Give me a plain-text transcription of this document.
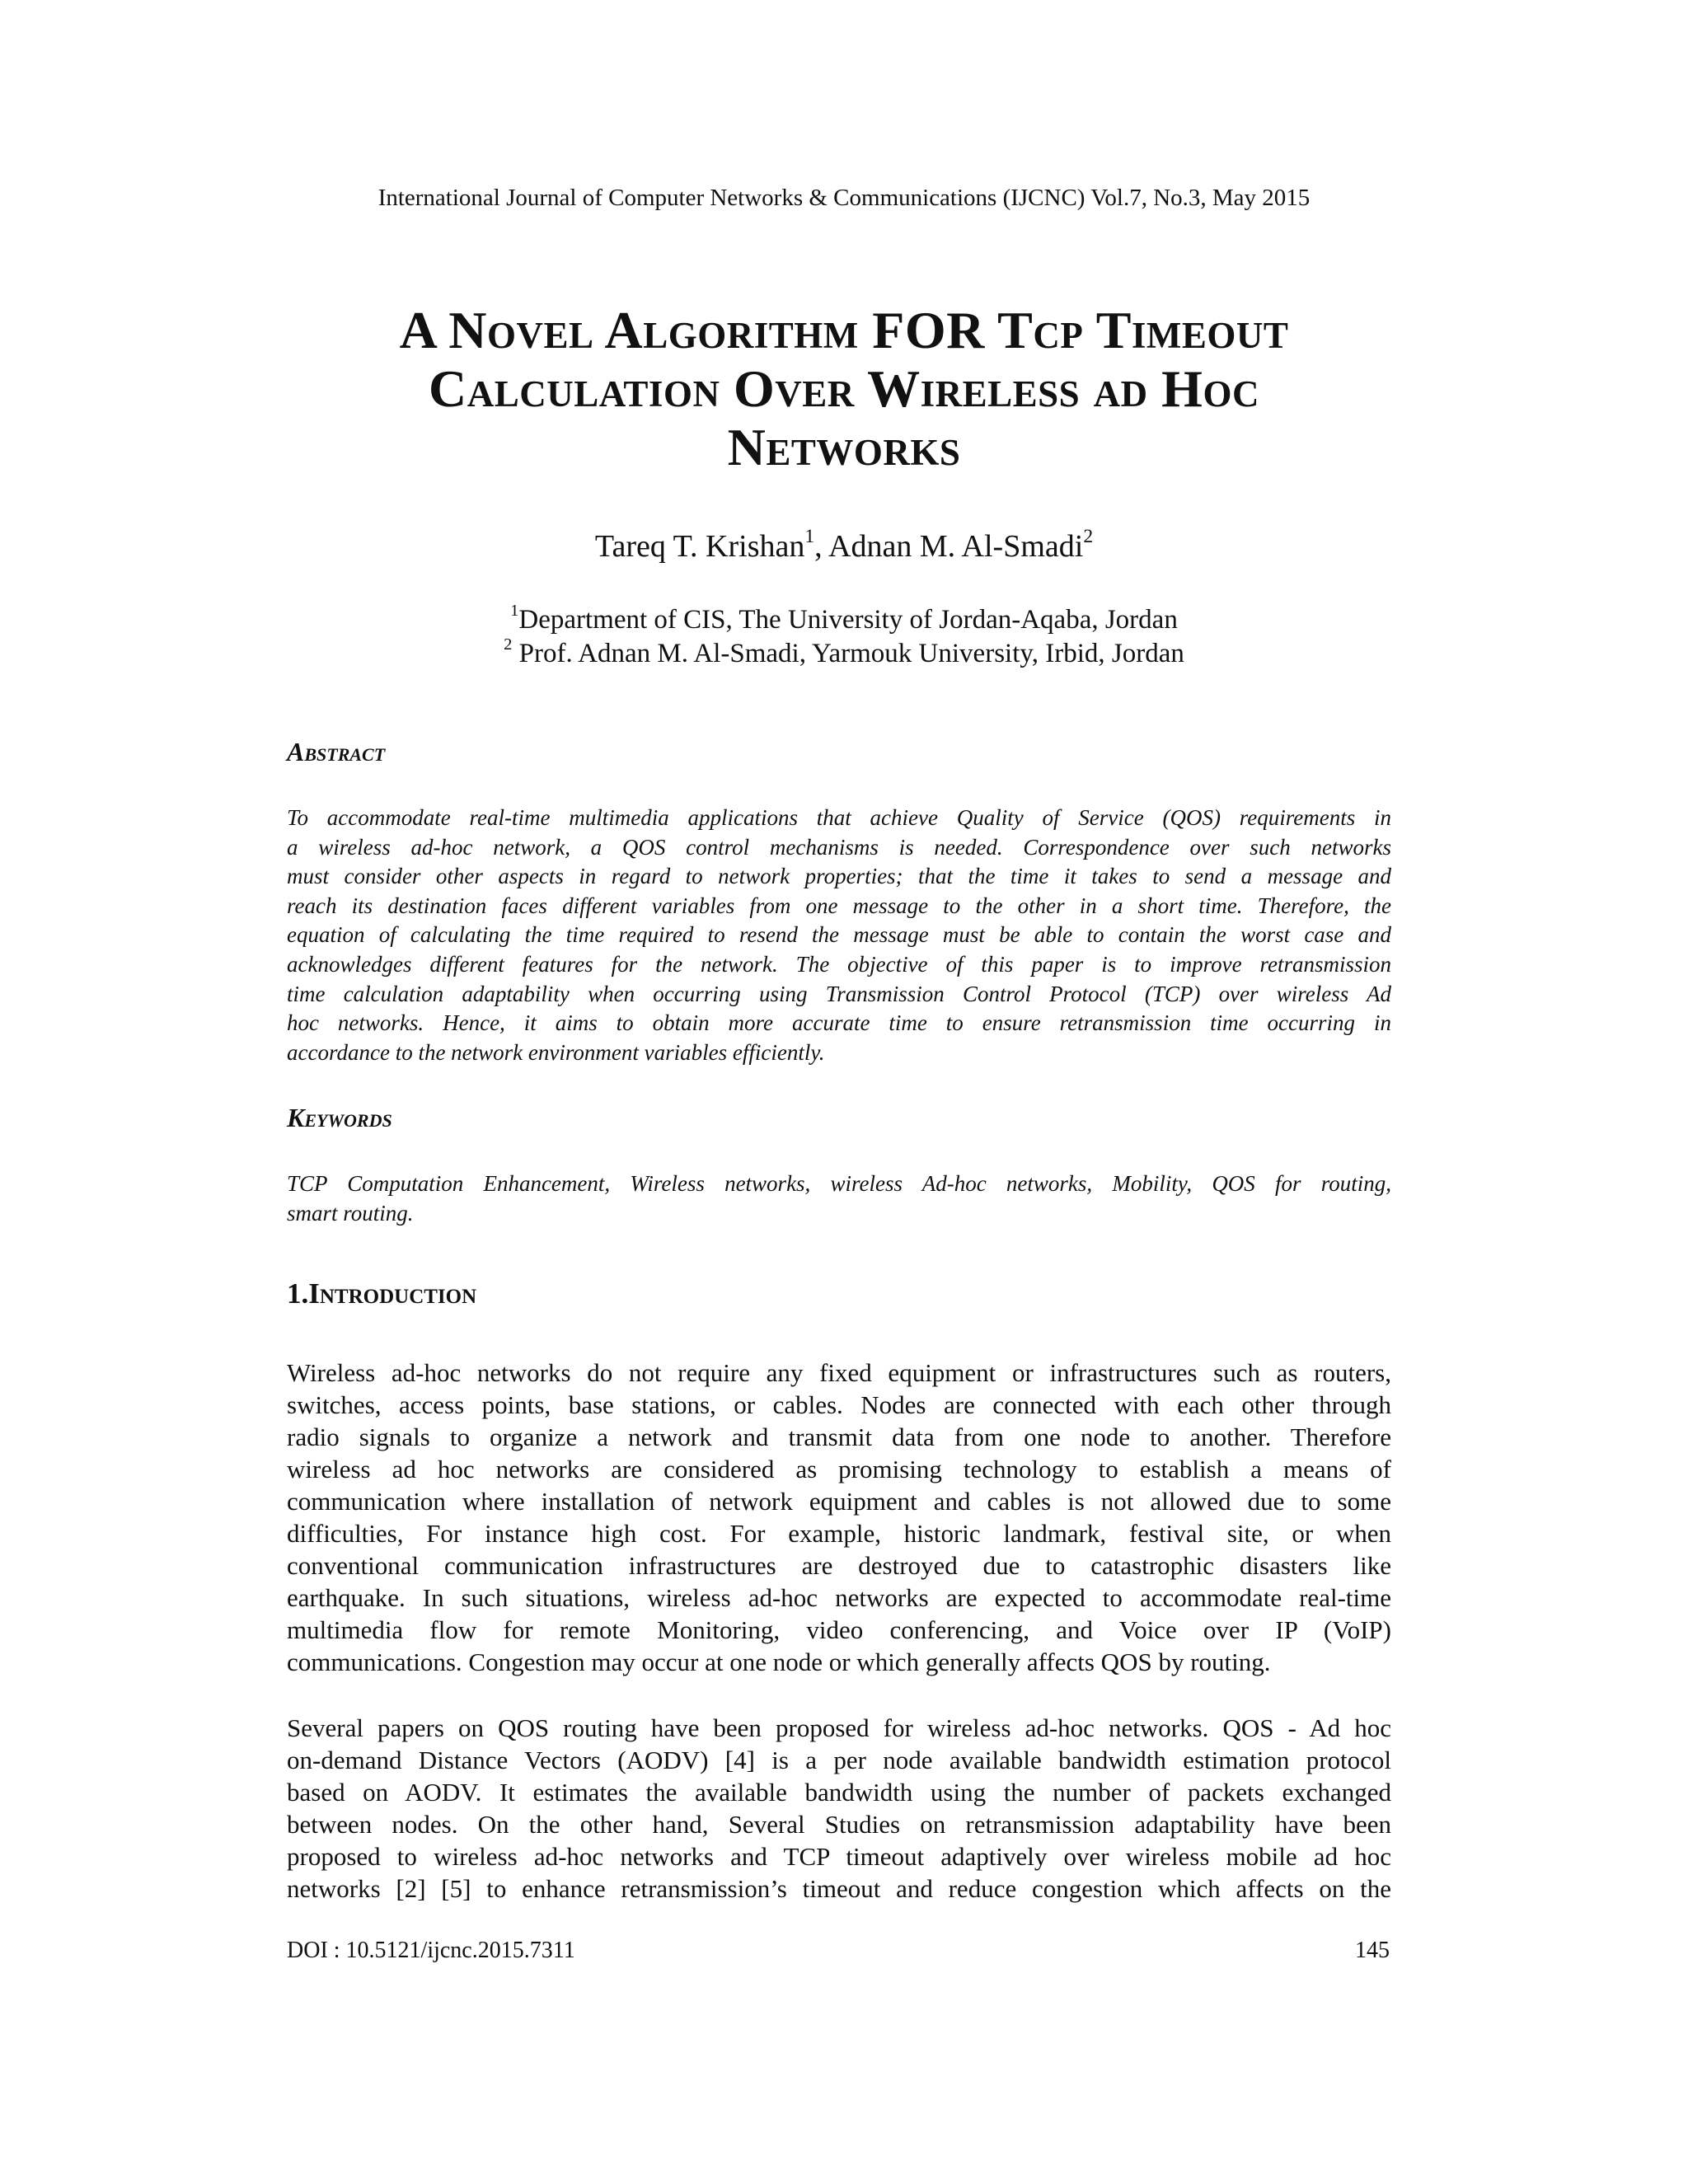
International Journal of Computer Networks & Communications (IJCNC) Vol.7, No.3, May 2015
A Novel Algorithm FOR Tcp Timeout
Calculation Over Wireless ad Hoc
Networks
Tareq T. Krishan$^1$, Adnan M. Al-Smadi$^2$
$^1$Department of CIS, The University of Jordan-Aqaba, Jordan
$^2$ Prof. Adnan M. Al-Smadi, Yarmouk University, Irbid, Jordan
Abstract
To accommodate real-time multimedia applications that achieve Quality of Service (QOS) requirements in
a wireless ad-hoc network, a QOS control mechanisms is needed. Correspondence over such networks
must consider other aspects in regard to network properties; that the time it takes to send a message and
reach its destination faces different variables from one message to the other in a short time. Therefore, the
equation of calculating the time required to resend the message must be able to contain the worst case and
acknowledges different features for the network. The objective of this paper is to improve retransmission
time calculation adaptability when occurring using Transmission Control Protocol (TCP) over wireless Ad
hoc networks. Hence, it aims to obtain more accurate time to ensure retransmission time occurring in
accordance to the network environment variables efficiently.
Keywords
TCP Computation Enhancement, Wireless networks, wireless Ad-hoc networks, Mobility, QOS for routing,
smart routing.
1.Introduction
Wireless ad-hoc networks do not require any fixed equipment or infrastructures such as routers,
switches, access points, base stations, or cables. Nodes are connected with each other through
radio signals to organize a network and transmit data from one node to another. Therefore
wireless ad hoc networks are considered as promising technology to establish a means of
communication where installation of network equipment and cables is not allowed due to some
difficulties, For instance high cost. For example, historic landmark, festival site, or when
conventional communication infrastructures are destroyed due to catastrophic disasters like
earthquake. In such situations, wireless ad-hoc networks are expected to accommodate real-time
multimedia flow for remote Monitoring, video conferencing, and Voice over IP (VoIP)
communications. Congestion may occur at one node or which generally affects QOS by routing.
Several papers on QOS routing have been proposed for wireless ad-hoc networks. QOS - Ad hoc
on-demand Distance Vectors (AODV) [4] is a per node available bandwidth estimation protocol
based on AODV. It estimates the available bandwidth using the number of packets exchanged
between nodes. On the other hand, Several Studies on retransmission adaptability have been
proposed to wireless ad-hoc networks and TCP timeout adaptively over wireless mobile ad hoc
networks [2] [5] to enhance retransmission’s timeout and reduce congestion which affects on the
DOI : 10.5121/ijcnc.2015.7311	145
